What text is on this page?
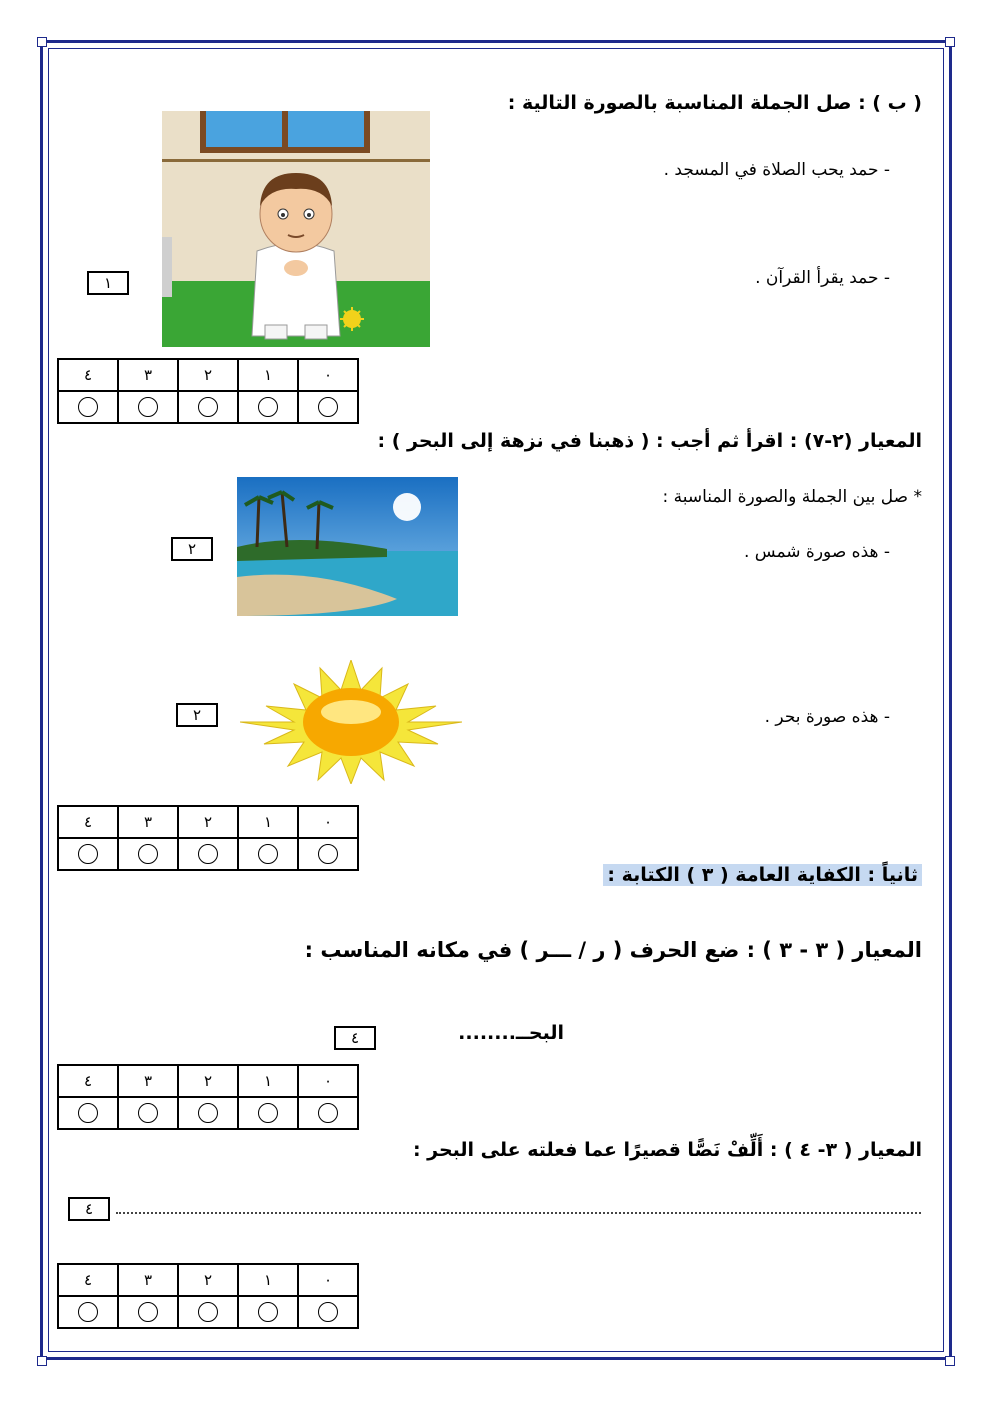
( ب ) : صل الجملة المناسبة بالصورة التالية :
- حمد يحب الصلاة في المسجد .
- حمد يقرأ القرآن .
١
٠	١	٢	٣	٤

المعيار (٢-٧) : اقرأ ثم أجب : ( ذهبنا في نزهة إلى البحر ) :
* صل بين الجملة والصورة المناسبة :
- هذه صورة شمس .
٢
- هذه صورة بحر .
٢
٠	١	٢	٣	٤

ثانياً : الكفاية العامة ( ٣ ) الكتابة :
المعيار ( ٣ - ٣ ) : ضع الحرف ( ر / ـــر ) في مكانه المناسب :
البحــ........
٤
٠	١	٢	٣	٤

المعيار ( ٣- ٤ ) : أَلِّفْ نَصًّا قصيرًا عما فعلته على البحر :
٤
٠	١	٢	٣	٤
